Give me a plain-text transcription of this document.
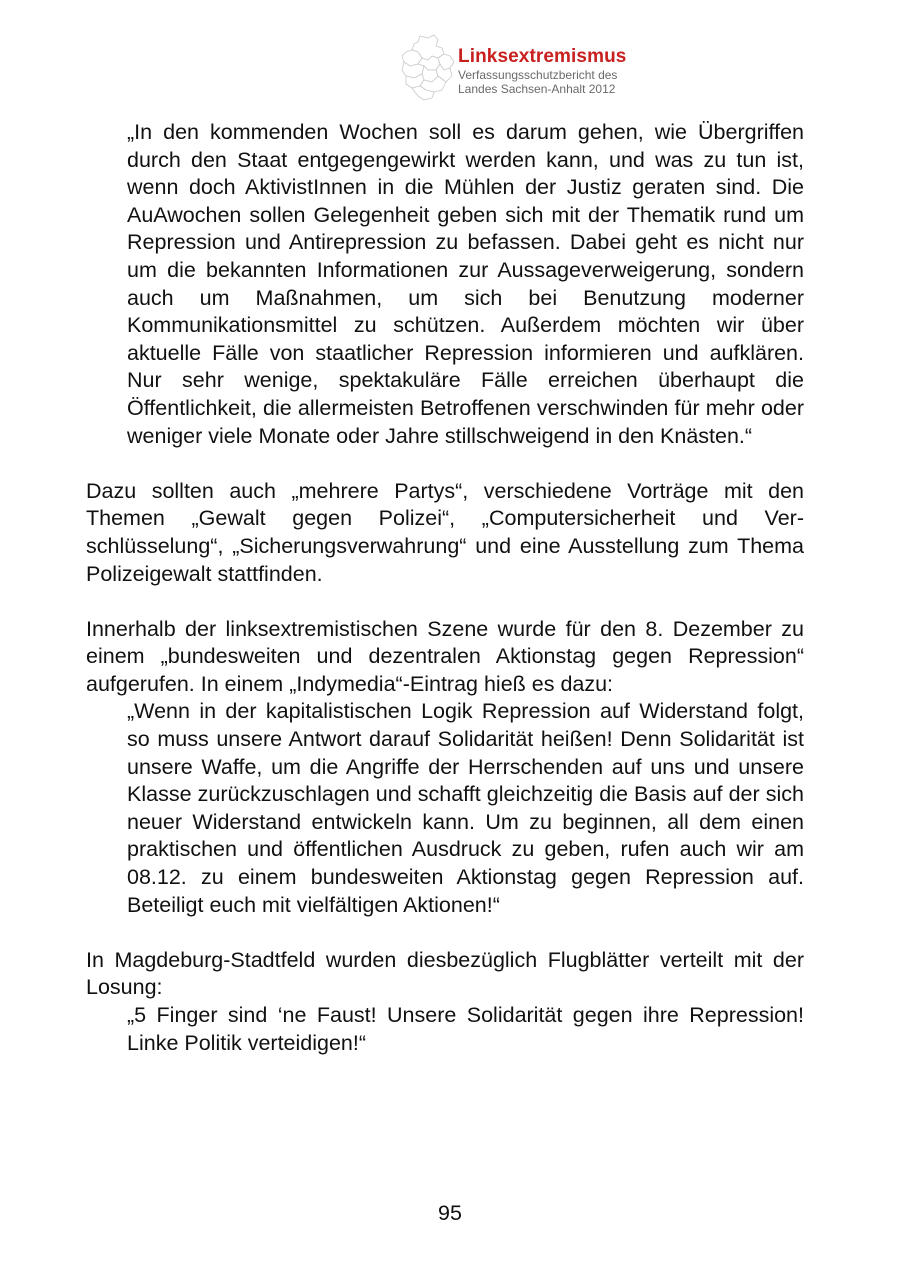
Linksextremismus
Verfassungsschutzbericht des
Landes Sachsen-Anhalt 2012

„In den kommenden Wochen soll es darum gehen, wie Übergriffen durch den Staat entgegengewirkt werden kann, und was zu tun ist, wenn doch AktivistInnen in die Mühlen der Justiz geraten sind. Die AuAwochen sollen Gelegenheit geben sich mit der Thematik rund um Repression und Antirepression zu befassen. Dabei geht es nicht nur um die bekannten Informationen zur Aussageverweigerung, sondern auch um Maßnahmen, um sich bei Benutzung moderner Kommunikationsmittel zu schützen. Außerdem möchten wir über aktuelle Fälle von staatlicher Repression informieren und aufklären. Nur sehr wenige, spektakuläre Fälle erreichen überhaupt die Öffentlichkeit, die allermeisten Betroffenen verschwinden für mehr oder weniger viele Monate oder Jahre stillschweigend in den Knästen.“

Dazu sollten auch „mehrere Partys“, verschiedene Vorträge mit den Themen „Gewalt gegen Polizei“, „Computersicherheit und Verschlüsselung“, „Sicherungsverwahrung“ und eine Ausstellung zum Thema Polizeigewalt stattfinden.

Innerhalb der linksextremistischen Szene wurde für den 8. Dezember zu einem „bundesweiten und dezentralen Aktionstag gegen Repression“ aufgerufen. In einem „Indymedia“-Eintrag hieß es dazu:

„Wenn in der kapitalistischen Logik Repression auf Widerstand folgt, so muss unsere Antwort darauf Solidarität heißen! Denn Solidarität ist unsere Waffe, um die Angriffe der Herrschenden auf uns und unsere Klasse zurückzuschlagen und schafft gleichzeitig die Basis auf der sich neuer Widerstand entwickeln kann. Um zu beginnen, all dem einen praktischen und öffentlichen Ausdruck zu geben, rufen auch wir am 08.12. zu einem bundesweiten Aktionstag gegen Repression auf. Beteiligt euch mit vielfältigen Aktionen!“

In Magdeburg-Stadtfeld wurden diesbezüglich Flugblätter verteilt mit der Losung:

„5 Finger sind ‘ne Faust! Unsere Solidarität gegen ihre Repression! Linke Politik verteidigen!“

95
